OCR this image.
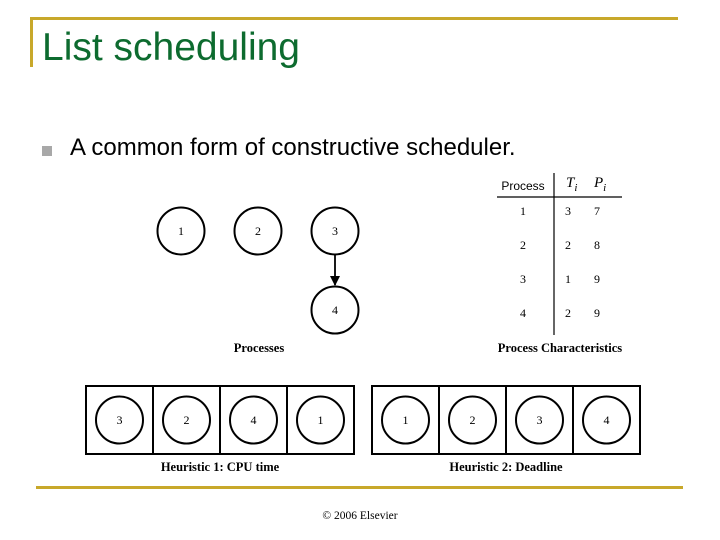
List scheduling
A common form of constructive scheduler.
1	2	3
4
Processes
Process $T_i$ $P_i$
1	3 7
2	2 8
3	1 9
4	2 9
Process Characteristics
3	2	4	1
Heuristic 1: CPU time
1	2	3	4
Heuristic 2: Deadline
© 2006 Elsevier
